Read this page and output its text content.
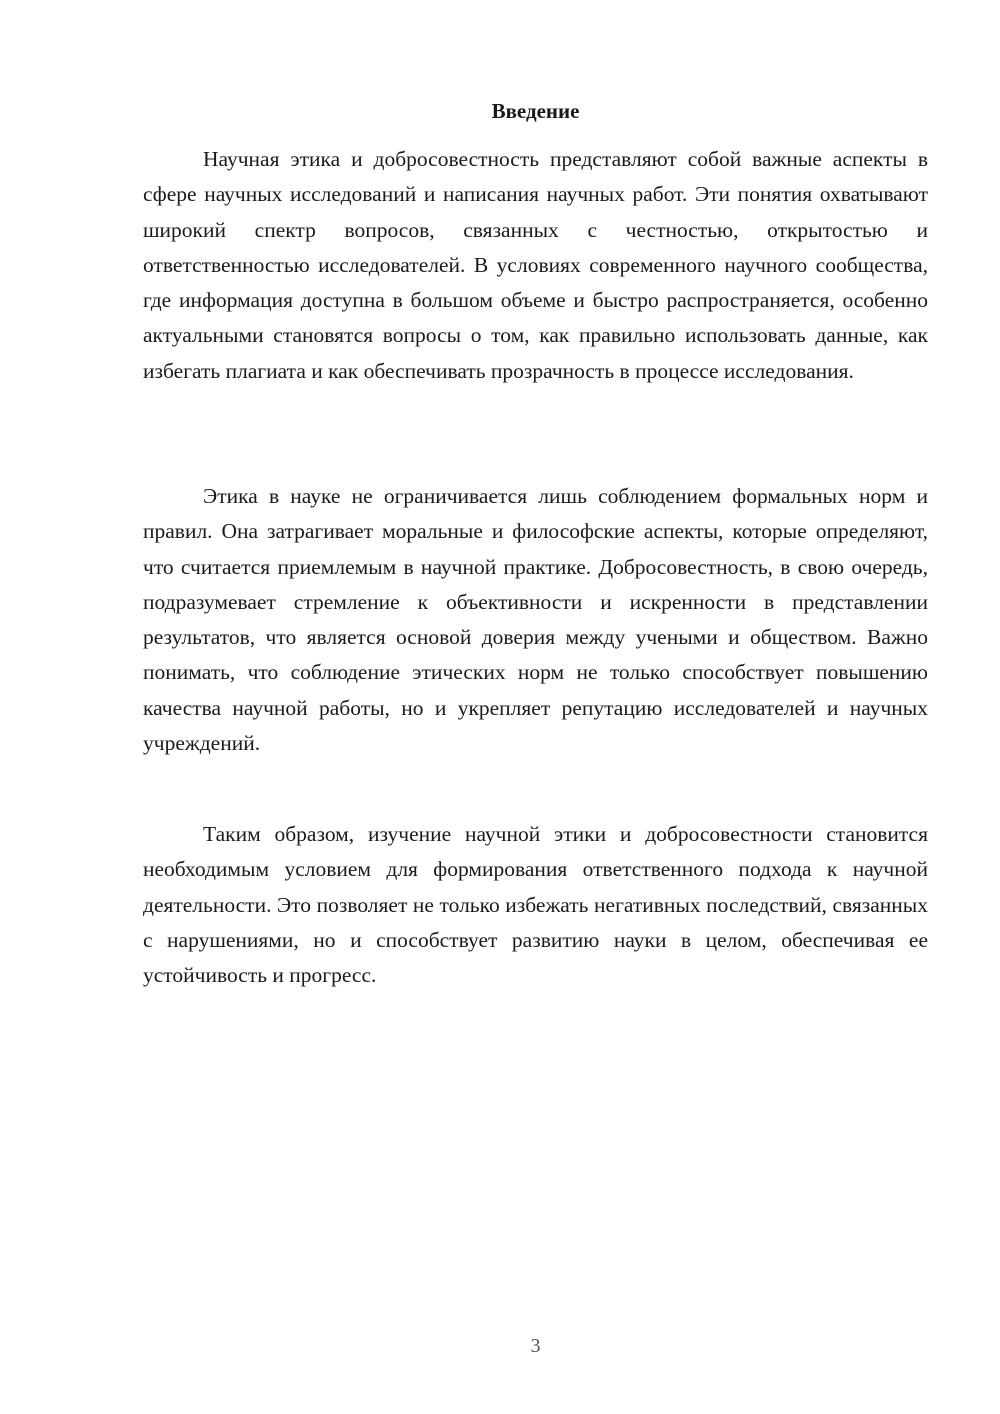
Введение

Научная этика и добросовестность представляют собой важные аспекты в сфере научных исследований и написания научных работ. Эти понятия охватывают широкий спектр вопросов, связанных с честностью, открытостью и ответственностью исследователей. В условиях современного научного сообщества, где информация доступна в большом объеме и быстро распространяется, особенно актуальными становятся вопросы о том, как правильно использовать данные, как избегать плагиата и как обеспечивать прозрачность в процессе исследования.

Этика в науке не ограничивается лишь соблюдением формальных норм и правил. Она затрагивает моральные и философские аспекты, которые определяют, что считается приемлемым в научной практике. Добросовестность, в свою очередь, подразумевает стремление к объективности и искренности в представлении результатов, что является основой доверия между учеными и обществом. Важно понимать, что соблюдение этических норм не только способствует повышению качества научной работы, но и укрепляет репутацию исследователей и научных учреждений.

Таким образом, изучение научной этики и добросовестности становится необходимым условием для формирования ответственного подхода к научной деятельности. Это позволяет не только избежать негативных последствий, связанных с нарушениями, но и способствует развитию науки в целом, обеспечивая ее устойчивость и прогресс.

3
